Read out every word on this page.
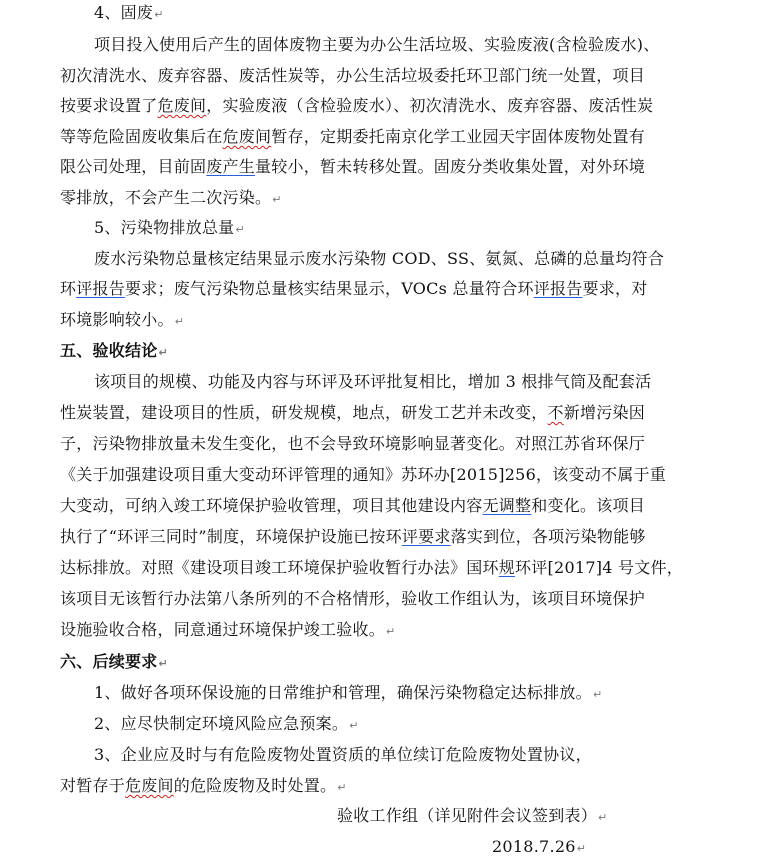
4、固废↵
项目投入使用后产生的固体废物主要为办公生活垃圾、实验废液(含检验废水)、
初次清洗水、废弃容器、废活性炭等，办公生活垃圾委托环卫部门统一处置，项目
按要求设置了危废间，实验废液（含检验废水）、初次清洗水、废弃容器、废活性炭
等等危险固废收集后在危废间暂存，定期委托南京化学工业园天宇固体废物处置有
限公司处理，目前固废产生量较小，暂未转移处置。固废分类收集处置，对外环境
零排放，不会产生二次污染。↵
5、污染物排放总量↵
废水污染物总量核定结果显示废水污染物 COD、SS、氨氮、总磷的总量均符合
环评报告要求；废气污染物总量核实结果显示，VOCs 总量符合环评报告要求，对
环境影响较小。↵
五、验收结论↵
该项目的规模、功能及内容与环评及环评批复相比，增加 3 根排气筒及配套活
性炭装置，建设项目的性质，研发规模，地点，研发工艺并未改变，不新增污染因
子，污染物排放量未发生变化，也不会导致环境影响显著变化。对照江苏省环保厅
《关于加强建设项目重大变动环评管理的通知》苏环办[2015]256，该变动不属于重
大变动，可纳入竣工环境保护验收管理，项目其他建设内容无调整和变化。该项目
执行了“环评三同时”制度，环境保护设施已按环评要求落实到位，各项污染物能够
达标排放。对照《建设项目竣工环境保护验收暂行办法》国环规环评[2017]4 号文件，
该项目无该暂行办法第八条所列的不合格情形，验收工作组认为，该项目环境保护
设施验收合格，同意通过环境保护竣工验收。↵
六、后续要求↵
1、做好各项环保设施的日常维护和管理，确保污染物稳定达标排放。↵
2、应尽快制定环境风险应急预案。↵
3、企业应及时与有危险废物处置资质的单位续订危险废物处置协议，
对暂存于危废间的危险废物及时处置。↵
验收工作组（详见附件会议签到表）↵
2018.7.26↵
